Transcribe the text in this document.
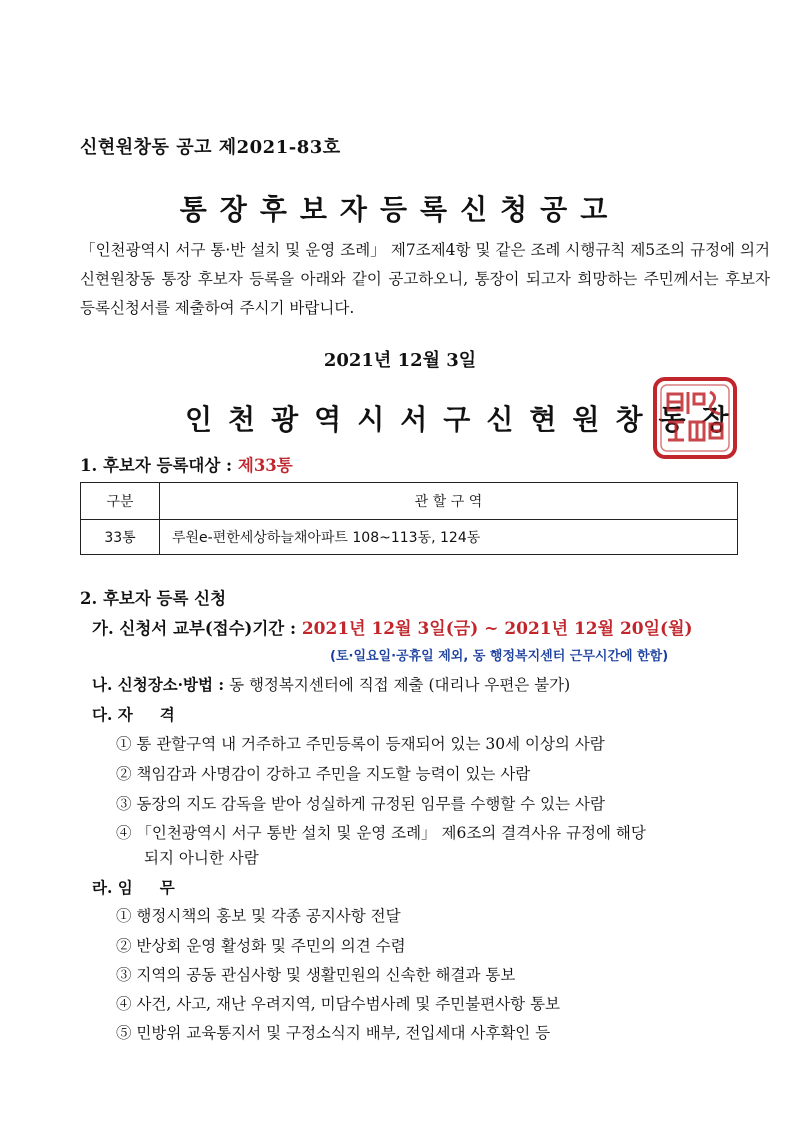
신현원창동 공고 제2021-83호
통장후보자등록신청공고
「인천광역시 서구 통·반 설치 및 운영 조례」 제7조제4항 및 같은 조례 시행규칙 제5조의 규정에 의거 신현원창동 통장 후보자 등록을 아래와 같이 공고하오니, 통장이 되고자 희망하는 주민께서는 후보자 등록신청서를 제출하여 주시기 바랍니다.
2021년 12월 3일
인천광역시서구신현원창동장
1. 후보자 등록대상 : 제33통
구분	관 할 구 역
33통	루원e-편한세상하늘채아파트 108~113동, 124동
2. 후보자 등록 신청
가. 신청서 교부(접수)기간 : 2021년 12월 3일(금) ~ 2021년 12월 20일(월)
(토·일요일·공휴일 제외, 동 행정복지센터 근무시간에 한함)
나. 신청장소·방법 : 동 행정복지센터에 직접 제출 (대리나 우편은 불가)
다. 자     격
① 통 관할구역 내 거주하고 주민등록이 등재되어 있는 30세 이상의 사람
② 책임감과 사명감이 강하고 주민을 지도할 능력이 있는 사람
③ 동장의 지도 감독을 받아 성실하게 규정된 임무를 수행할 수 있는 사람
④ 「인천광역시 서구 통반 설치 및 운영 조례」 제6조의 결격사유 규정에 해당
되지 아니한 사람
라. 임     무
① 행정시책의 홍보 및 각종 공지사항 전달
② 반상회 운영 활성화 및 주민의 의견 수렴
③ 지역의 공동 관심사항 및 생활민원의 신속한 해결과 통보
④ 사건, 사고, 재난 우려지역, 미담수범사례 및 주민불편사항 통보
⑤ 민방위 교육통지서 및 구정소식지 배부, 전입세대 사후확인 등
